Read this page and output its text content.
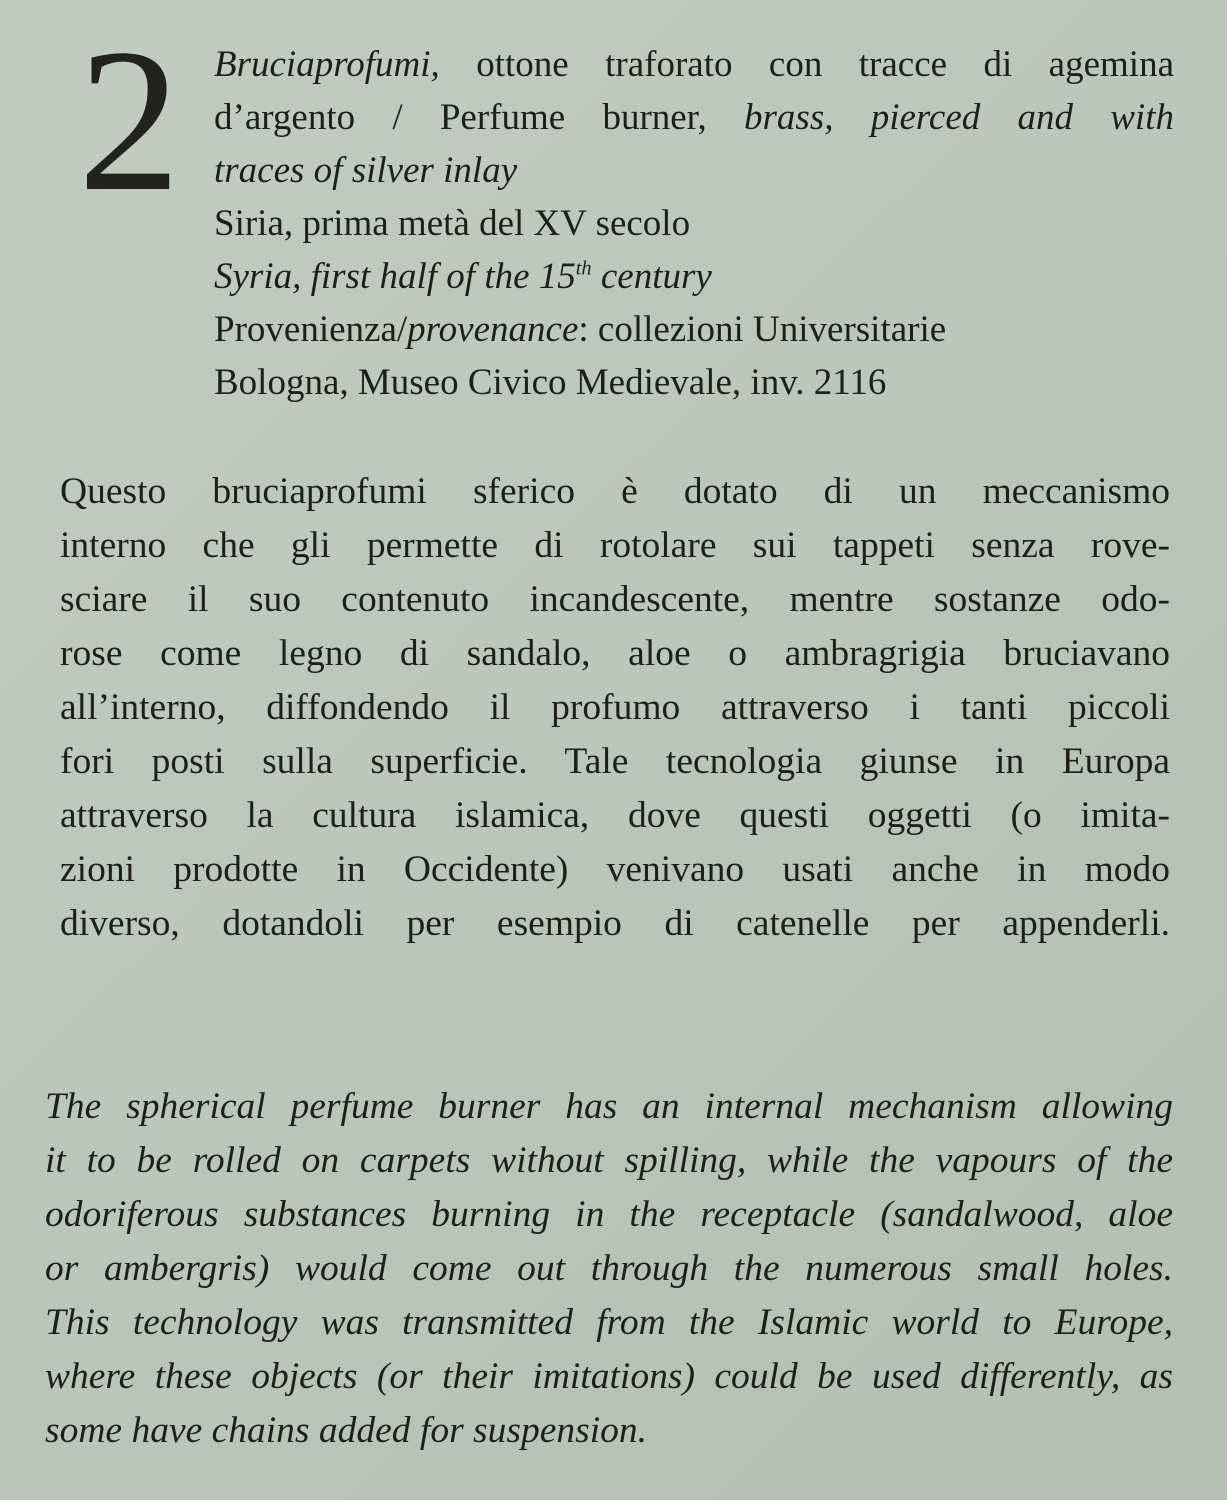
2 Bruciaprofumi, ottone traforato con tracce di agemina
d’argento / Perfume burner, brass, pierced and with
traces of silver inlay
Siria, prima metà del XV secolo
Syria, first half of the 15th century
Provenienza/provenance: collezioni Universitarie
Bologna, Museo Civico Medievale, inv. 2116
Questo bruciaprofumi sferico è dotato di un meccanismo
interno che gli permette di rotolare sui tappeti senza rove-
sciare il suo contenuto incandescente, mentre sostanze odo-
rose come legno di sandalo, aloe o ambragrigia bruciavano
all’interno, diffondendo il profumo attraverso i tanti piccoli
fori posti sulla superficie. Tale tecnologia giunse in Europa
attraverso la cultura islamica, dove questi oggetti (o imita-
zioni prodotte in Occidente) venivano usati anche in modo
diverso, dotandoli per esempio di catenelle per appenderli.
The spherical perfume burner has an internal mechanism allowing
it to be rolled on carpets without spilling, while the vapours of the
odoriferous substances burning in the receptacle (sandalwood, aloe
or ambergris) would come out through the numerous small holes.
This technology was transmitted from the Islamic world to Europe,
where these objects (or their imitations) could be used differently, as
some have chains added for suspension.
